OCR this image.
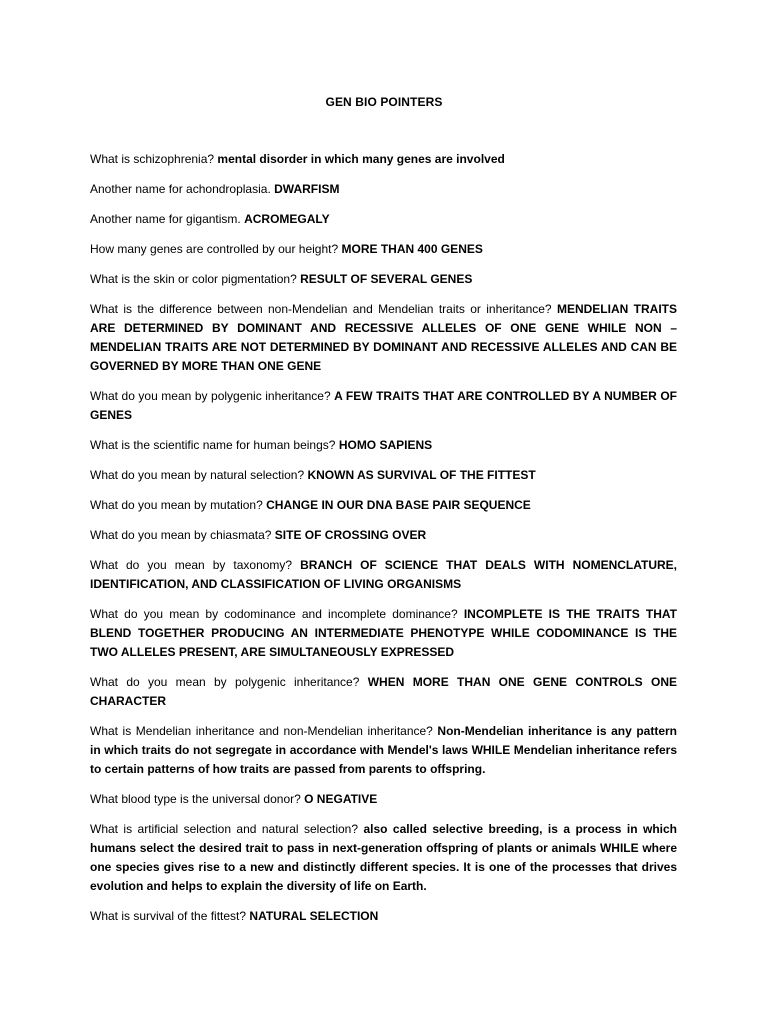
GEN BIO POINTERS

What is schizophrenia? mental disorder in which many genes are involved

Another name for achondroplasia. DWARFISM

Another name for gigantism. ACROMEGALY

How many genes are controlled by our height? MORE THAN 400 GENES

What is the skin or color pigmentation? RESULT OF SEVERAL GENES

What is the difference between non-Mendelian and Mendelian traits or inheritance? MENDELIAN TRAITS ARE DETERMINED BY DOMINANT AND RECESSIVE ALLELES OF ONE GENE WHILE NON – MENDELIAN TRAITS ARE NOT DETERMINED BY DOMINANT AND RECESSIVE ALLELES AND CAN BE GOVERNED BY MORE THAN ONE GENE

What do you mean by polygenic inheritance? A FEW TRAITS THAT ARE CONTROLLED BY A NUMBER OF GENES

What is the scientific name for human beings? HOMO SAPIENS

What do you mean by natural selection? KNOWN AS SURVIVAL OF THE FITTEST

What do you mean by mutation? CHANGE IN OUR DNA BASE PAIR SEQUENCE

What do you mean by chiasmata? SITE OF CROSSING OVER

What do you mean by taxonomy? BRANCH OF SCIENCE THAT DEALS WITH NOMENCLATURE, IDENTIFICATION, AND CLASSIFICATION OF LIVING ORGANISMS

What do you mean by codominance and incomplete dominance? INCOMPLETE IS THE TRAITS THAT BLEND TOGETHER PRODUCING AN INTERMEDIATE PHENOTYPE WHILE CODOMINANCE IS THE TWO ALLELES PRESENT, ARE SIMULTANEOUSLY EXPRESSED

What do you mean by polygenic inheritance? WHEN MORE THAN ONE GENE CONTROLS ONE CHARACTER

What is Mendelian inheritance and non-Mendelian inheritance? Non-Mendelian inheritance is any pattern in which traits do not segregate in accordance with Mendel's laws WHILE Mendelian inheritance refers to certain patterns of how traits are passed from parents to offspring.

What blood type is the universal donor? O NEGATIVE

What is artificial selection and natural selection? also called selective breeding, is a process in which humans select the desired trait to pass in next-generation offspring of plants or animals WHILE where one species gives rise to a new and distinctly different species. It is one of the processes that drives evolution and helps to explain the diversity of life on Earth.

What is survival of the fittest? NATURAL SELECTION
